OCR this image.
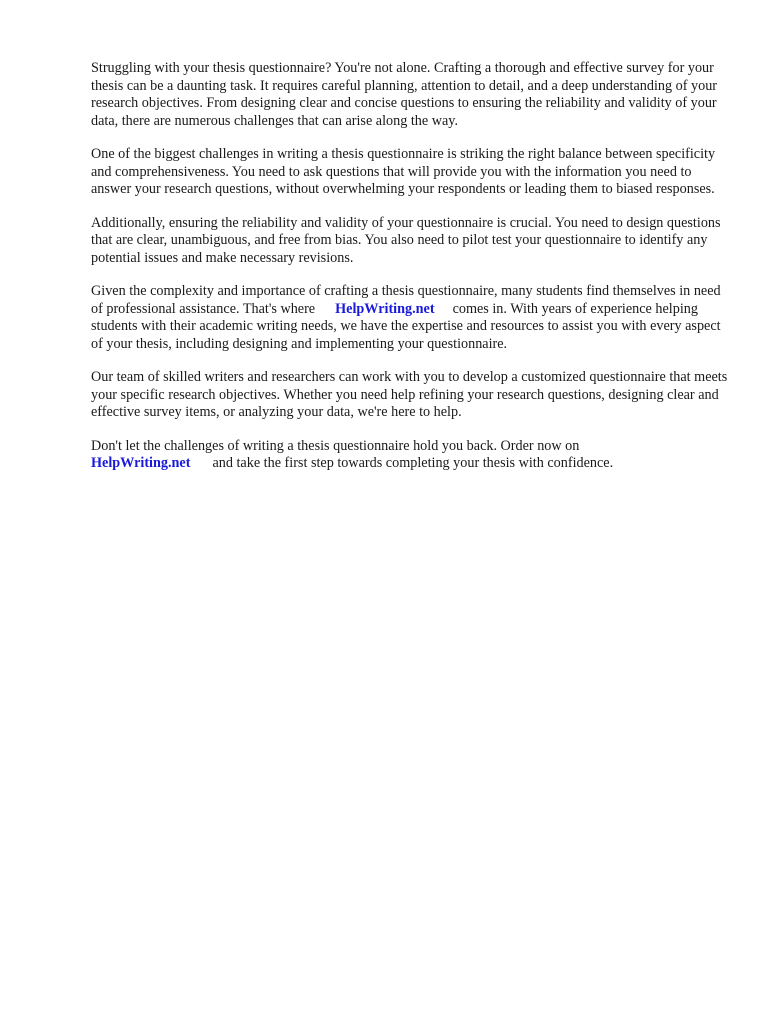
Struggling with your thesis questionnaire? You're not alone. Crafting a thorough and effective survey for your thesis can be a daunting task. It requires careful planning, attention to detail, and a deep understanding of your research objectives. From designing clear and concise questions to ensuring the reliability and validity of your data, there are numerous challenges that can arise along the way.

One of the biggest challenges in writing a thesis questionnaire is striking the right balance between specificity and comprehensiveness. You need to ask questions that will provide you with the information you need to answer your research questions, without overwhelming your respondents or leading them to biased responses.

Additionally, ensuring the reliability and validity of your questionnaire is crucial. You need to design questions that are clear, unambiguous, and free from bias. You also need to pilot test your questionnaire to identify any potential issues and make necessary revisions.

Given the complexity and importance of crafting a thesis questionnaire, many students find themselves in need of professional assistance. That's where HelpWriting.net comes in. With years of experience helping students with their academic writing needs, we have the expertise and resources to assist you with every aspect of your thesis, including designing and implementing your questionnaire.

Our team of skilled writers and researchers can work with you to develop a customized questionnaire that meets your specific research objectives. Whether you need help refining your research questions, designing clear and effective survey items, or analyzing your data, we're here to help.

Don't let the challenges of writing a thesis questionnaire hold you back. Order now on
HelpWriting.net and take the first step towards completing your thesis with confidence.
